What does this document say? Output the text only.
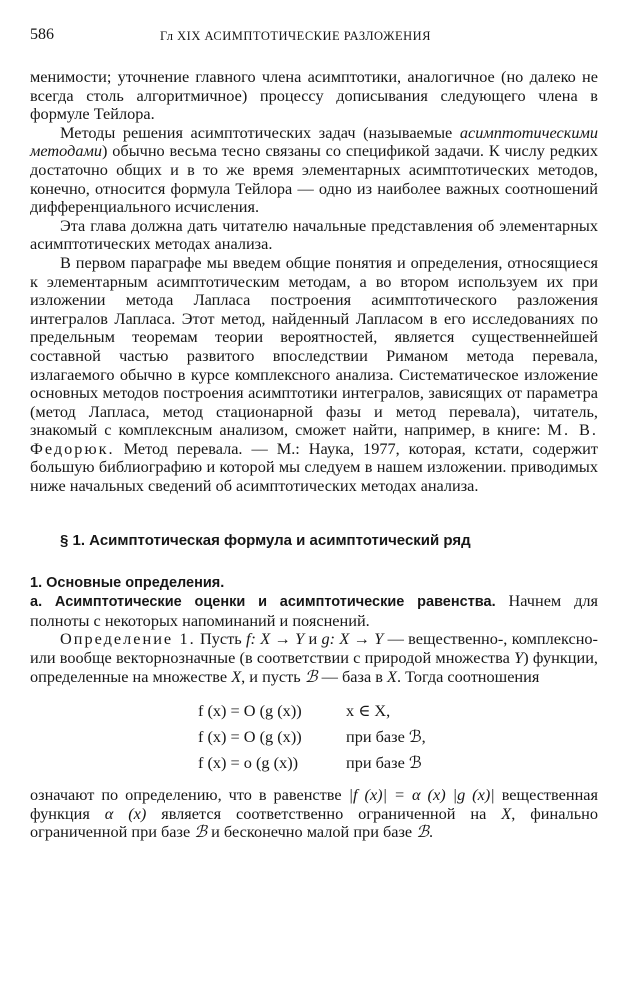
586	Гл XIX АСИМПТОТИЧЕСКИЕ РАЗЛОЖЕНИЯ

менимости; уточнение главного члена асимптотики, аналогичное (но далеко не всегда столь алгоритмичное) процессу дописывания следующего члена в формуле Тейлора.

Методы решения асимптотических задач (называемые асимптотическими методами) обычно весьма тесно связаны со спецификой задачи. К числу редких достаточно общих и в то же время элементарных асимптотических методов, конечно, относится формула Тейлора — одно из наиболее важных соотношений дифференциального исчисления.

Эта глава должна дать читателю начальные представления об элементарных асимптотических методах анализа.

В первом параграфе мы введем общие понятия и определения, относящиеся к элементарным асимптотическим методам, а во втором используем их при изложении метода Лапласа построения асимптотического разложения интегралов Лапласа. Этот метод, найденный Лапласом в его исследованиях по предельным теоремам теории вероятностей, является существеннейшей составной частью развитого впоследствии Риманом метода перевала, излагаемого обычно в курсе комплексного анализа. Систематическое изложение основных методов построения асимптотики интегралов, зависящих от параметра (метод Лапласа, метод стационарной фазы и метод перевала), читатель, знакомый с комплексным анализом, сможет найти, например, в книге: М. В. Федорюк. Метод перевала. — М.: Наука, 1977, которая, кстати, содержит большую библиографию и которой мы следуем в нашем изложении. приводимых ниже начальных сведений об асимптотических методах анализа.

§ 1. Асимптотическая формула и асимптотический ряд
1. Основные определения.

а. Асимптотические оценки и асимптотические равенства. Начнем для полноты с некоторых напоминаний и пояснений.

Определение 1. Пусть f: X → Y и g: X → Y — вещественно-, комплексно- или вообще векторнозначные (в соответствии с природой множества Y) функции, определенные на множестве X, и пусть ℬ — база в X. Тогда соотношения

f (x) = O (g (x))	x ∈ X,
f (x) = O (g (x))	при базе ℬ,
f (x) = o (g (x))	при базе ℬ

означают по определению, что в равенстве |f (x)| = α (x) |g (x)| вещественная функция α (x) является соответственно ограниченной на X, финально ограниченной при базе ℬ и бесконечно малой при базе ℬ.
